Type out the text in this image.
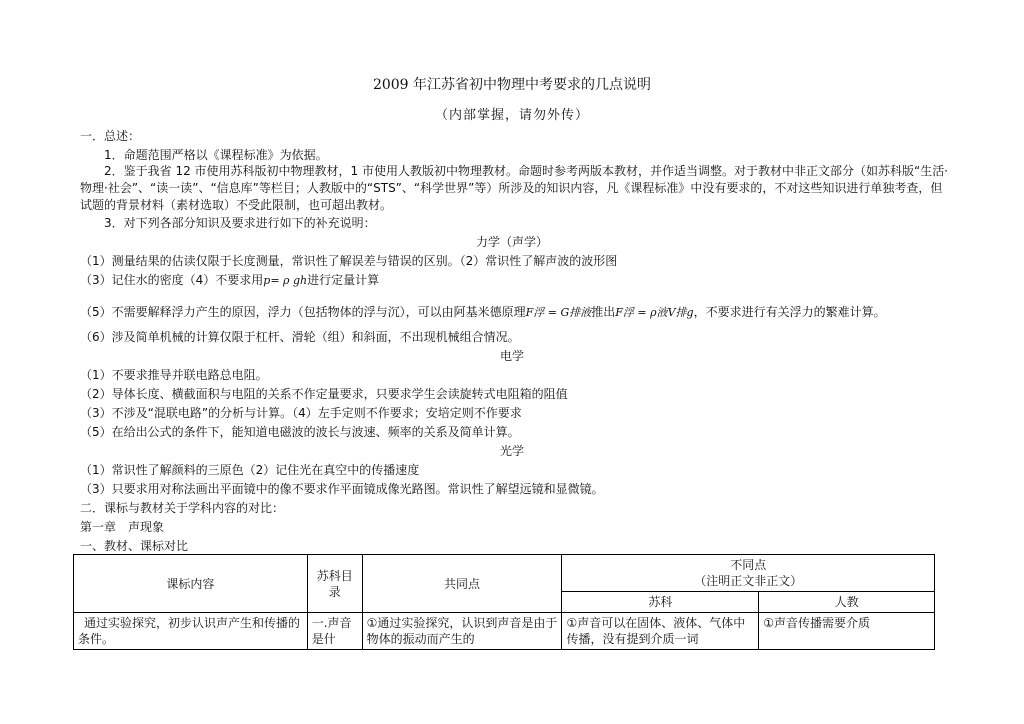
2009 年江苏省初中物理中考要求的几点说明
（内部掌握，请勿外传）
一．总述：
1．命题范围严格以《课程标准》为依据。
2．鉴于我省 12 市使用苏科版初中物理教材，1 市使用人教版初中物理教材。命题时参考两版本教材，并作适当调整。对于教材中非正文部分（如苏科版“生活·物理·社会”、“读一读”、“信息库”等栏目；人教版中的“STS”、“科学世界”等）所涉及的知识内容，凡《课程标准》中没有要求的，不对这些知识进行单独考查，但试题的背景材料（素材选取）不受此限制，也可超出教材。
3．对下列各部分知识及要求进行如下的补充说明：
力学（声学）
（1）测量结果的估读仅限于长度测量，常识性了解误差与错误的区别。（2）常识性了解声波的波形图
（3）记住水的密度（4）不要求用p= ρ gh进行定量计算
（5）不需要解释浮力产生的原因，浮力（包括物体的浮与沉），可以由阿基米德原理F浮 = G排液推出F浮 = ρ液V排g，不要求进行有关浮力的繁难计算。
（6）涉及简单机械的计算仅限于杠杆、滑轮（组）和斜面，不出现机械组合情况。
电学
（1）不要求推导并联电路总电阻。
（2）导体长度、横截面积与电阻的关系不作定量要求，只要求学生会读旋转式电阻箱的阻值
（3）不涉及“混联电路”的分析与计算。（4）左手定则不作要求；安培定则不作要求
（5）在给出公式的条件下，能知道电磁波的波长与波速、频率的关系及简单计算。
光学
（1）常识性了解颜料的三原色（2）记住光在真空中的传播速度
（3）只要求用对称法画出平面镜中的像不要求作平面镜成像光路图。常识性了解望远镜和显微镜。
二．课标与教材关于学科内容的对比：
第一章　声现象
一、教材、课标对比
课标内容	苏科目录	共同点	不同点
（注明正文非正文）	

			苏科	人教
通过实验探究，初步认识声产生和传播的条件。	一.声音是什	①通过实验探究，认识到声音是由于物体的振动而产生的	①声音可以在固体、液体、气体中传播，没有提到介质一词	①声音传播需要介质
